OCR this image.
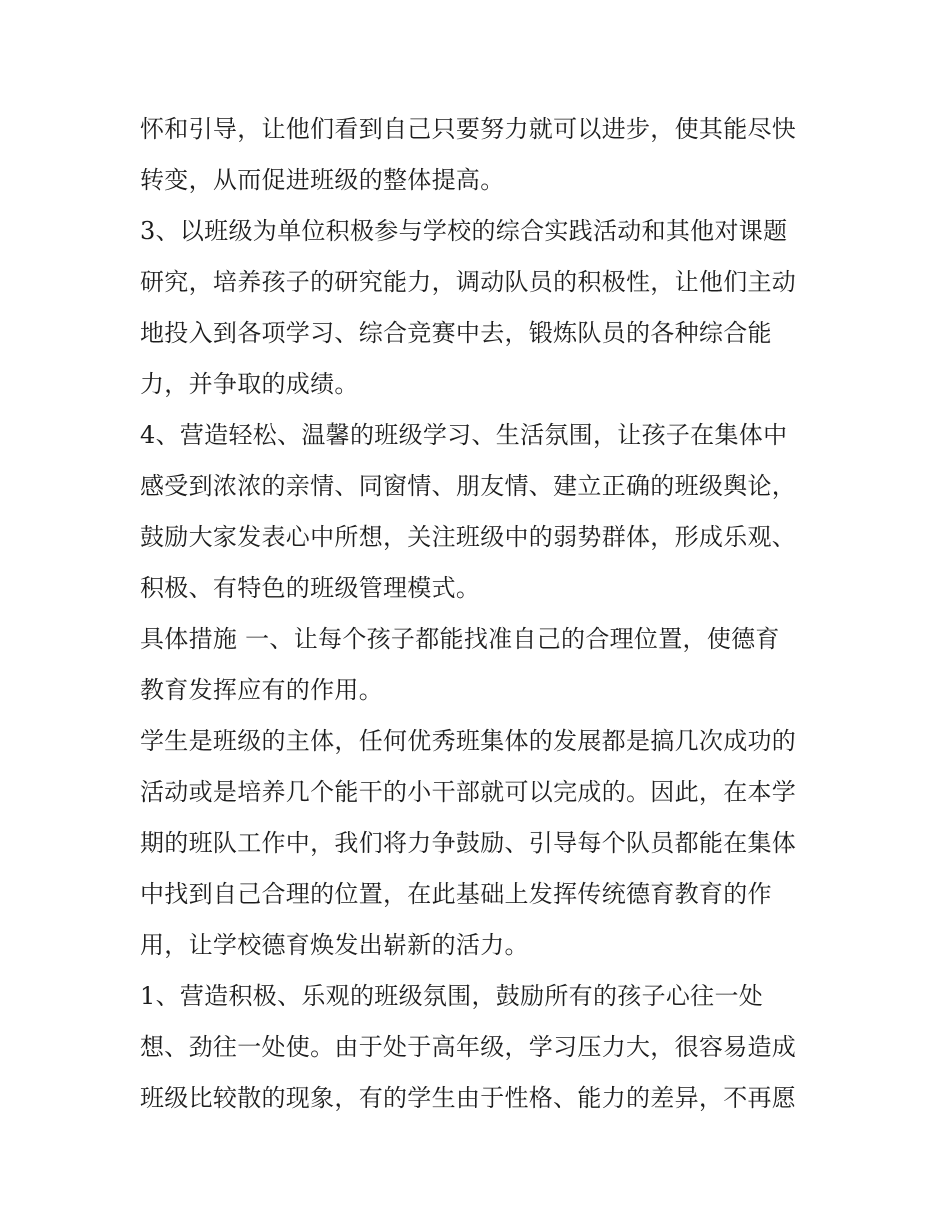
怀和引导，让他们看到自己只要努力就可以进步，使其能尽快
转变，从而促进班级的整体提高。
3、以班级为单位积极参与学校的综合实践活动和其他对课题
研究，培养孩子的研究能力，调动队员的积极性，让他们主动
地投入到各项学习、综合竞赛中去，锻炼队员的各种综合能
力，并争取的成绩。
4、营造轻松、温馨的班级学习、生活氛围，让孩子在集体中
感受到浓浓的亲情、同窗情、朋友情、建立正确的班级舆论，
鼓励大家发表心中所想，关注班级中的弱势群体，形成乐观、
积极、有特色的班级管理模式。
具体措施 一、让每个孩子都能找准自己的合理位置，使德育
教育发挥应有的作用。
学生是班级的主体，任何优秀班集体的发展都是搞几次成功的
活动或是培养几个能干的小干部就可以完成的。因此，在本学
期的班队工作中，我们将力争鼓励、引导每个队员都能在集体
中找到自己合理的位置，在此基础上发挥传统德育教育的作
用，让学校德育焕发出崭新的活力。
1、营造积极、乐观的班级氛围，鼓励所有的孩子心往一处
想、劲往一处使。由于处于高年级，学习压力大，很容易造成
班级比较散的现象，有的学生由于性格、能力的差异，不再愿
